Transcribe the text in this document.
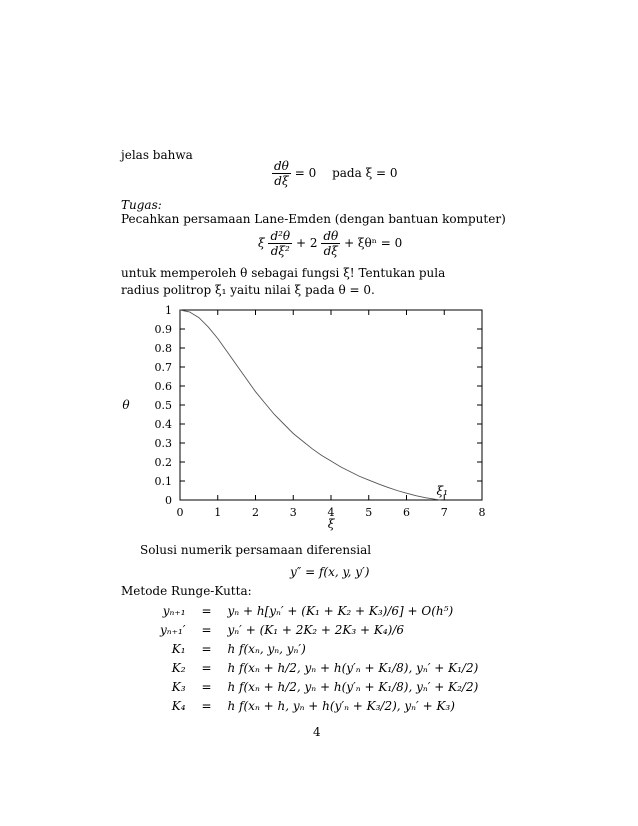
jelas bahwa
$\frac{d\theta}{d\xi} = 0$ pada ξ = 0
Tugas:
Pecahkan persamaan Lane-Emden (dengan bantuan komputer)
ξ $\frac{\text{d²θ}}{\text{dξ²}} + 2 \frac{d\theta}{d\xi} + \xi\theta^n = 0$
untuk memperoleh θ sebagai fungsi ξ! Tentukan pula radius politrop ξ₁ yaitu nilai ξ pada θ = 0.
0	1	2	3	4	5	6	7	8
0
0.1
0.2
0.3
0.4
0.5
0.6
0.7
0.8
0.9
1
ξ
θ
ξ₁
Solusi numerik persamaan diferensial
y″ = f(x, y, y′)
Metode Runge-Kutta:
yₙ₊₁	=	yₙ + h[yₙ′ + (K₁ + K₂ + K₃)/6] + O(h⁵)
yₙ₊₁′	=	yₙ′ + (K₁ + 2K₂ + 2K₃ + K₄)/6
K₁	=	h f(xₙ, yₙ, yₙ′)
K₂	=	h f(xₙ + h/2, yₙ + h(y′ₙ + K₁/8), yₙ′ + K₁/2)
K₃	=	h f(xₙ + h/2, yₙ + h(y′ₙ + K₁/8), yₙ′ + K₂/2)
K₄	=	h f(xₙ + h, yₙ + h(y′ₙ + K₃/2), yₙ′ + K₃)
4
